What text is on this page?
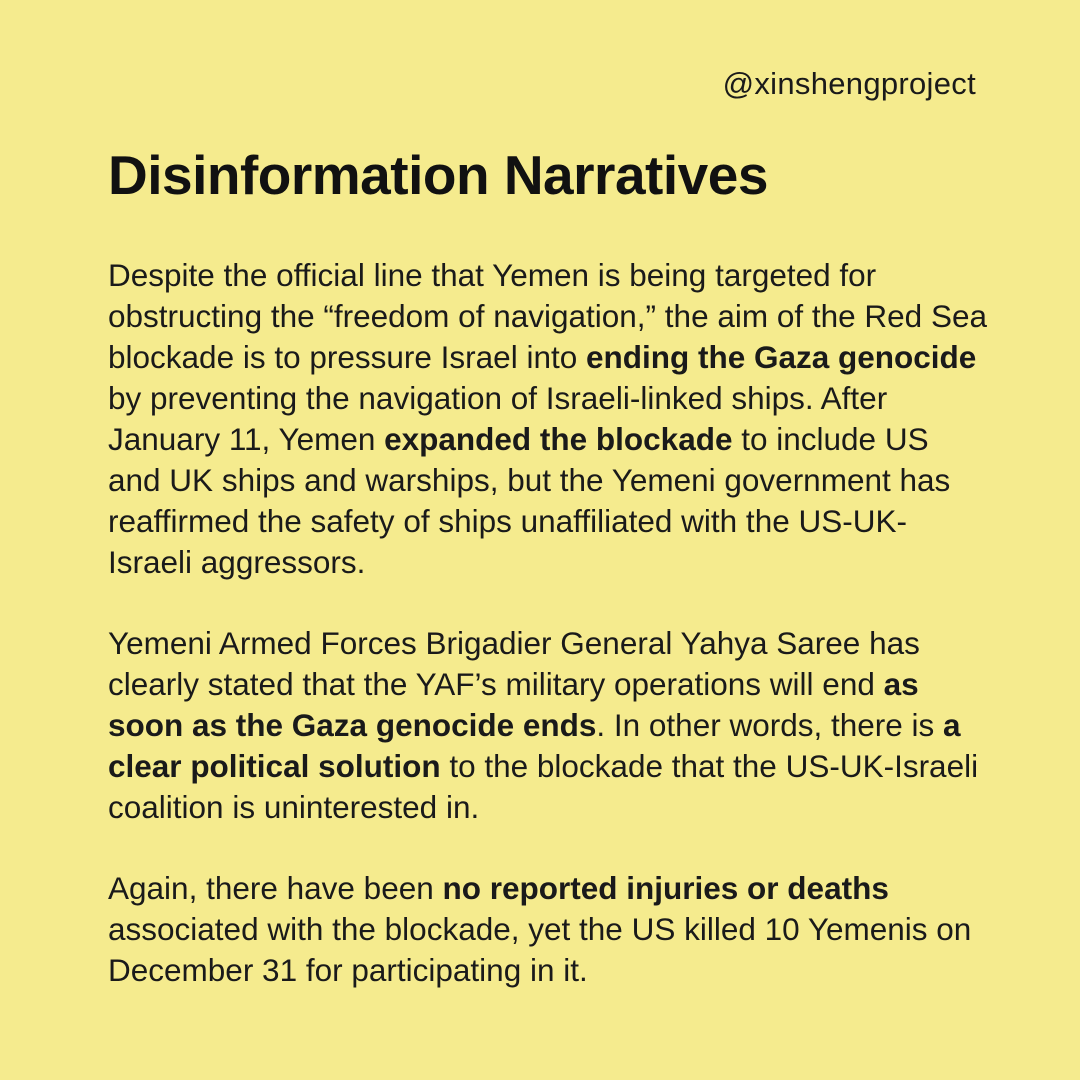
@xinshengproject
Disinformation Narratives

Despite the official line that Yemen is being targeted for obstructing the “freedom of navigation,” the aim of the Red Sea blockade is to pressure Israel into ending the Gaza genocide by preventing the navigation of Israeli-linked ships. After January 11, Yemen expanded the blockade to include US and UK ships and warships, but the Yemeni government has reaffirmed the safety of ships unaffiliated with the US-UK-Israeli aggressors.

Yemeni Armed Forces Brigadier General Yahya Saree has clearly stated that the YAF’s military operations will end as soon as the Gaza genocide ends. In other words, there is a clear political solution to the blockade that the US-UK-Israeli coalition is uninterested in.

Again, there have been no reported injuries or deaths associated with the blockade, yet the US killed 10 Yemenis on December 31 for participating in it.
